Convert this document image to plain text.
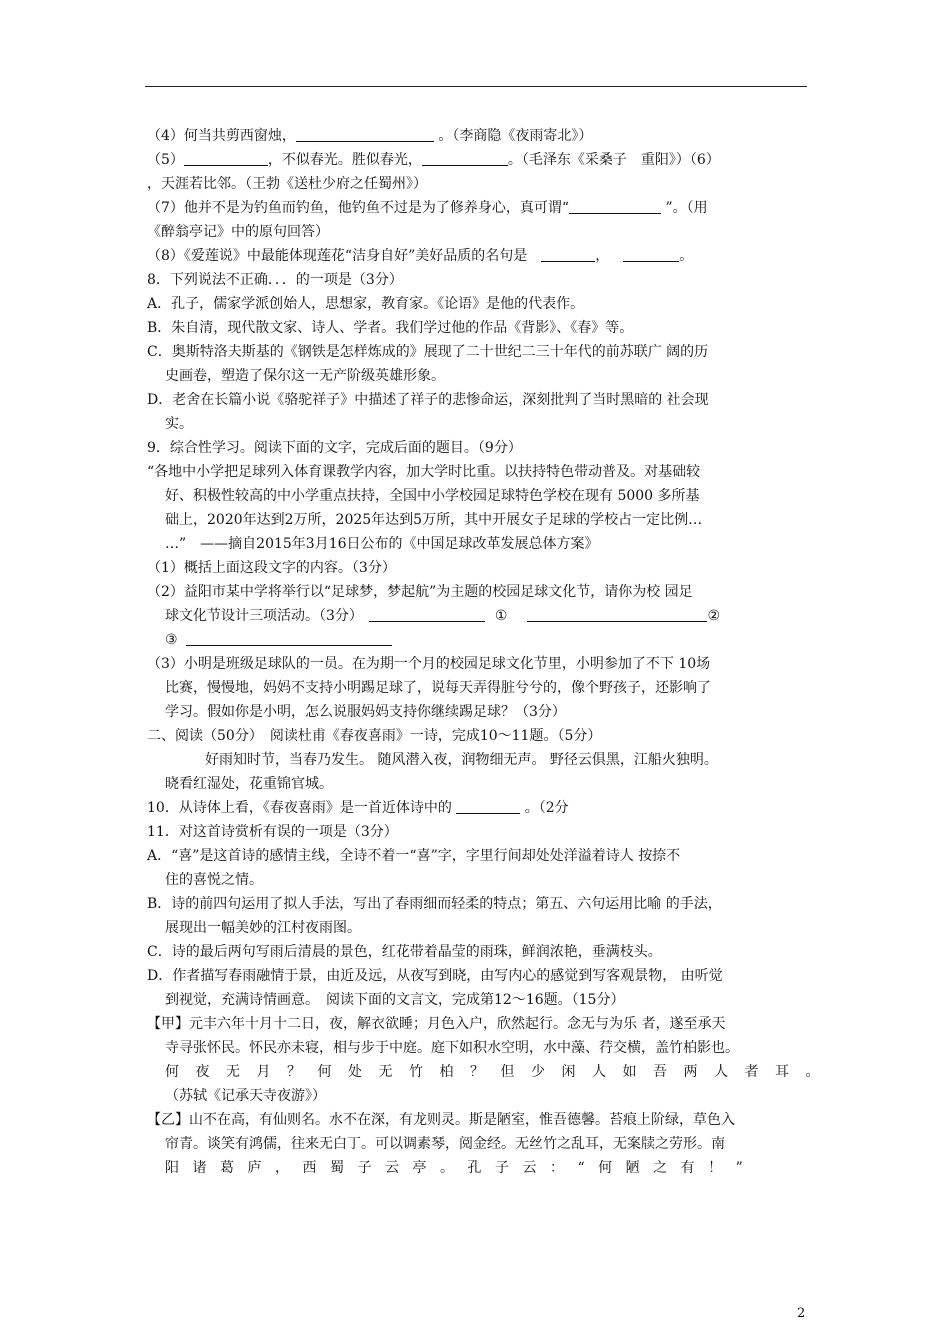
（4）何当共剪西窗烛，	。（李商隐《夜雨寄北》）
（5）	，不似春光。胜似春光，	。（毛泽东《采桑子　重阳》）（6）
，天涯若比邻。（王勃《送杜少府之任蜀州》）
（7）他并不是为钓鱼而钓鱼，他钓鱼不过是为了修养身心，真可谓“	”。（用
《醉翁亭记》中的原句回答）
（8）《爱莲说》中最能体现莲花“洁身自好”美好品质的名句是　	，	。
8．下列说法不正确．．．的一项是（3分）
A．孔子，儒家学派创始人，思想家，教育家。《论语》是他的代表作。
B．朱自清，现代散文家、诗人、学者。我们学过他的作品《背影》、《春》等。
C．奥斯特洛夫斯基的《钢铁是怎样炼成的》展现了二十世纪二三十年代的前苏联广 阔的历
史画卷，塑造了保尔这一无产阶级英雄形象。
D．老舍在长篇小说《骆驼祥子》中描述了祥子的悲惨命运，深刻批判了当时黑暗的 社会现
实。
9．综合性学习。阅读下面的文字，完成后面的题目。（9分）
“各地中小学把足球列入体育课教学内容，加大学时比重。以扶持特色带动普及。对基础较
好、积极性较高的中小学重点扶持，全国中小学校园足球特色学校在现有 5000 多所基
础上，2020年达到2万所，2025年达到5万所，其中开展女子足球的学校占一定比例…
…”　——摘自2015年3月16日公布的《中国足球改革发展总体方案》
（1）概括上面这段文字的内容。（3分）
（2）益阳市某中学将举行以“足球梦，梦起航”为主题的校园足球文化节，请你为校 园足
球文化节设计三项活动。（3分）	①	②
③
（3）小明是班级足球队的一员。在为期一个月的校园足球文化节里，小明参加了不下 10场
比赛，慢慢地，妈妈不支持小明踢足球了，说每天弄得脏兮兮的，像个野孩子，还影响了
学习。假如你是小明，怎么说服妈妈支持你继续踢足球？（3分）
二、阅读（50分）　阅读杜甫《春夜喜雨》一诗，完成10～11题。（5分）
好雨知时节，当春乃发生。 随风潜入夜，润物细无声。 野径云俱黑，江船火独明。
晓看红湿处，花重锦官城。
10．从诗体上看，《春夜喜雨》是一首近体诗中的	。（2分
11．对这首诗赏析有误的一项是（3分）
A．“喜”是这首诗的感情主线，全诗不着一“喜”字，字里行间却处处洋溢着诗人 按捺不
住的喜悦之情。
B．诗的前四句运用了拟人手法，写出了春雨细而轻柔的特点；第五、六句运用比喻 的手法，
展现出一幅美妙的江村夜雨图。
C．诗的最后两句写雨后清晨的景色，红花带着晶莹的雨珠，鲜润浓艳，垂满枝头。
D．作者描写春雨融情于景，由近及远，从夜写到晓，由写内心的感觉到写客观景物， 由听觉
到视觉，充满诗情画意。　阅读下面的文言文，完成第12～16题。（15分）
【甲】元丰六年十月十二日，夜，解衣欲睡；月色入户，欣然起行。念无与为乐 者，遂至承天
寺寻张怀民。怀民亦未寝，相与步于中庭。庭下如积水空明，水中藻、荇交横，盖竹柏影也。
何夜无月？何处无竹柏？但少闲人如吾两人者耳。
（苏轼《记承天寺夜游》）
【乙】山不在高，有仙则名。水不在深，有龙则灵。斯是陋室，惟吾德馨。苔痕上阶绿，草色入
帘青。谈笑有鸿儒，往来无白丁。可以调素琴，阅金经。无丝竹之乱耳，无案牍之劳形。南
阳诸葛庐，西蜀子云亭。孔子云：“何陋之有！”
2
